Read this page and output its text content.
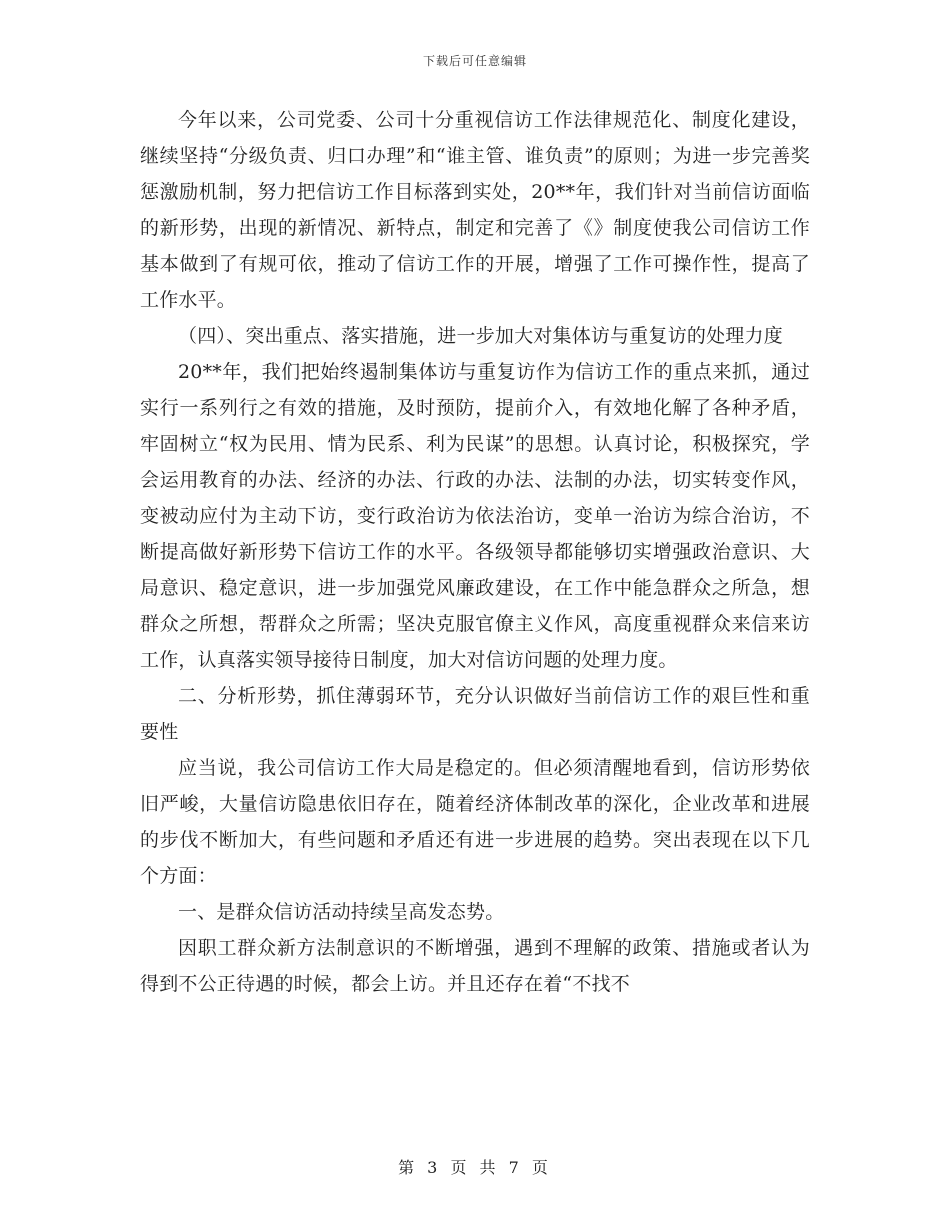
下载后可任意编辑

今年以来，公司党委、公司十分重视信访工作法律规范化、制度化建设，继续坚持“分级负责、归口办理”和“谁主管、谁负责”的原则；为进一步完善奖惩激励机制，努力把信访工作目标落到实处，20**年，我们针对当前信访面临的新形势，出现的新情况、新特点，制定和完善了《》制度使我公司信访工作基本做到了有规可依，推动了信访工作的开展，增强了工作可操作性，提高了工作水平。

（四）、突出重点、落实措施，进一步加大对集体访与重复访的处理力度

20**年，我们把始终遏制集体访与重复访作为信访工作的重点来抓，通过实行一系列行之有效的措施，及时预防，提前介入，有效地化解了各种矛盾，牢固树立“权为民用、情为民系、利为民谋”的思想。认真讨论，积极探究，学会运用教育的办法、经济的办法、行政的办法、法制的办法，切实转变作风，变被动应付为主动下访，变行政治访为依法治访，变单一治访为综合治访，不断提高做好新形势下信访工作的水平。各级领导都能够切实增强政治意识、大局意识、稳定意识，进一步加强党风廉政建设，在工作中能急群众之所急，想群众之所想，帮群众之所需；坚决克服官僚主义作风，高度重视群众来信来访工作，认真落实领导接待日制度，加大对信访问题的处理力度。

二、分析形势，抓住薄弱环节，充分认识做好当前信访工作的艰巨性和重要性

应当说，我公司信访工作大局是稳定的。但必须清醒地看到，信访形势依旧严峻，大量信访隐患依旧存在，随着经济体制改革的深化，企业改革和进展的步伐不断加大，有些问题和矛盾还有进一步进展的趋势。突出表现在以下几个方面：

一、是群众信访活动持续呈高发态势。

因职工群众新方法制意识的不断增强，遇到不理解的政策、措施或者认为得到不公正待遇的时候，都会上访。并且还存在着“不找不

第 3 页 共 7 页
